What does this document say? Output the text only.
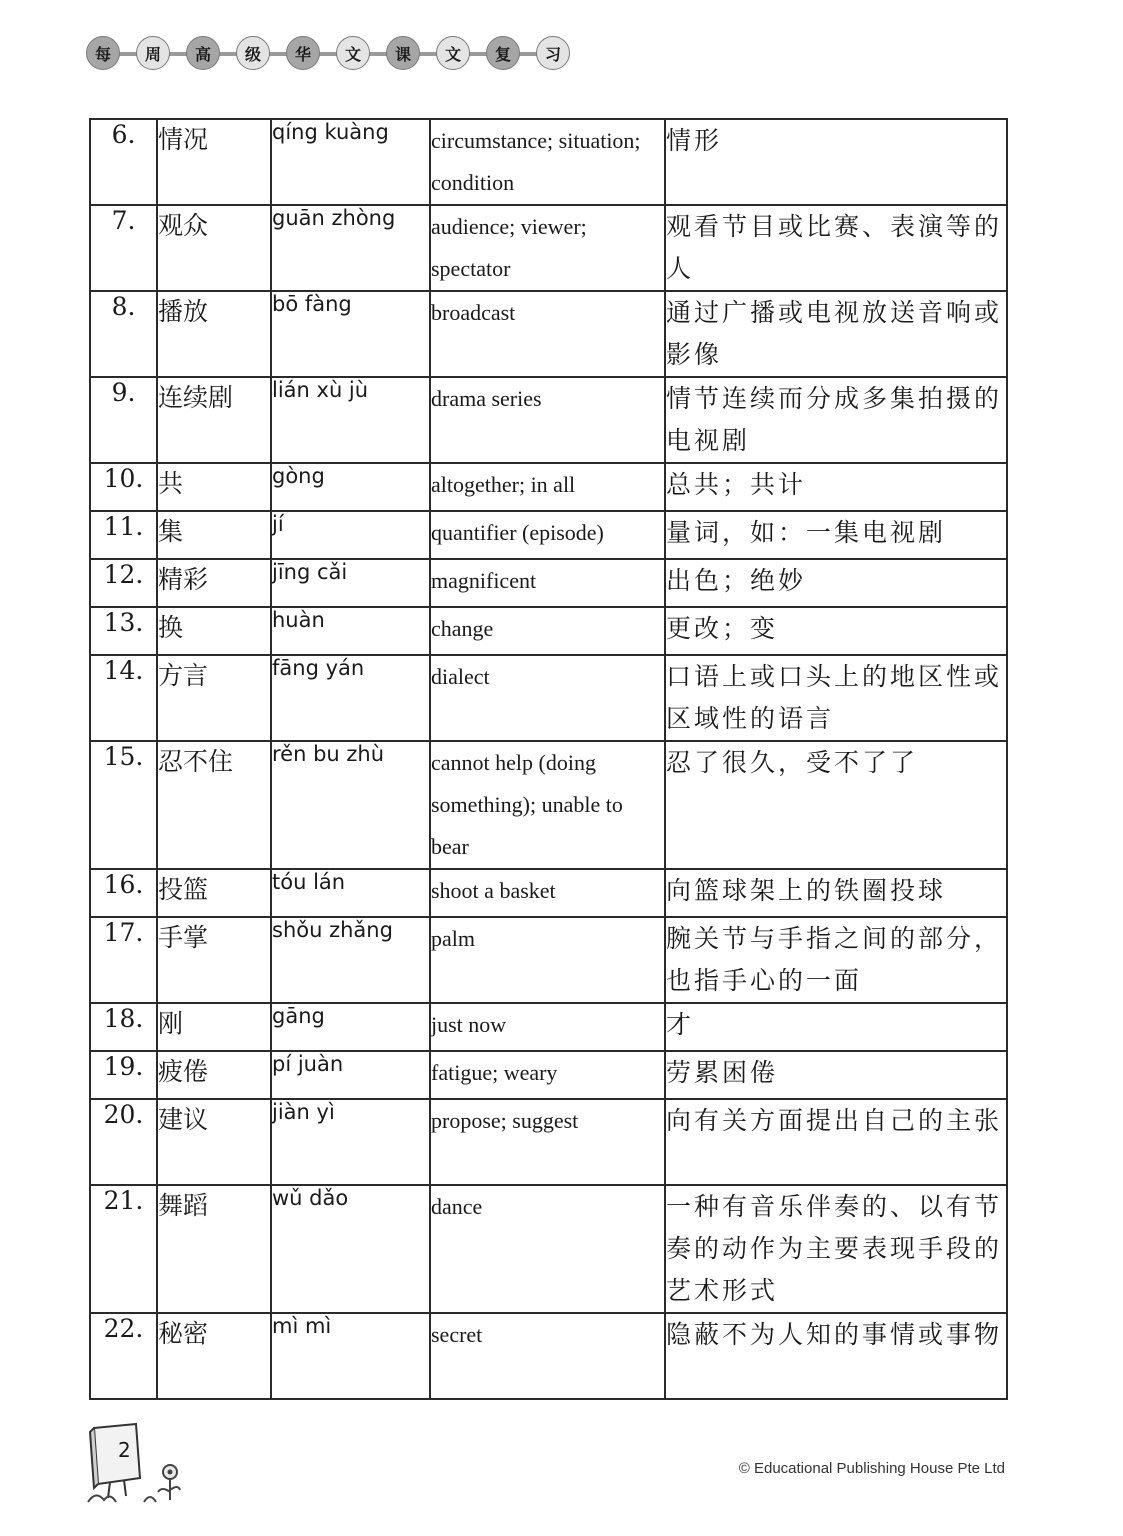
每	周	高	级	华	文	课	文	复	习
6.	情况	qíng kuàng	circumstance; situation; condition	情形
7.	观众	guān zhòng	audience; viewer; spectator	观看节目或比赛、表演等的人
8.	播放	bō fàng	broadcast	通过广播或电视放送音响或影像
9.	连续剧	lián xù jù	drama series	情节连续而分成多集拍摄的电视剧
10.	共	gòng	altogether; in all	总共；共计
11.	集	jí	quantifier (episode)	量词，如：一集电视剧
12.	精彩	jīng cǎi	magnificent	出色；绝妙
13.	换	huàn	change	更改；变
14.	方言	fāng yán	dialect	口语上或口头上的地区性或区域性的语言
15.	忍不住	rěn bu zhù	cannot help (doing something); unable to bear	忍了很久，受不了了
16.	投篮	tóu lán	shoot a basket	向篮球架上的铁圈投球
17.	手掌	shǒu zhǎng	palm	腕关节与手指之间的部分，也指手心的一面
18.	刚	gāng	just now	才
19.	疲倦	pí juàn	fatigue; weary	劳累困倦
20.	建议	jiàn yì	propose; suggest	向有关方面提出自己的主张
21.	舞蹈	wǔ dǎo	dance	一种有音乐伴奏的、以有节奏的动作为主要表现手段的艺术形式
22.	秘密	mì mì	secret	隐蔽不为人知的事情或事物
2
© Educational Publishing House Pte Ltd
